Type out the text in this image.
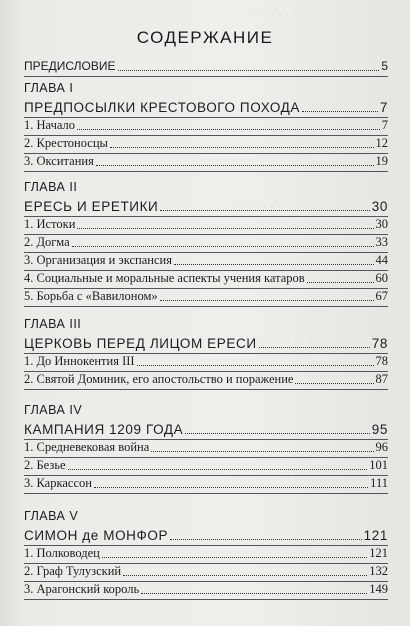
· · · · · · · · ·
· · · · · · · · · · ·
· · · · · · · · · · · ·
· · · · · · · · · ·
· · · · · · · · · · ·
СОДЕРЖАНИЕ
ПРЕДИСЛОВИЕ	5
ГЛАВА I
ПРЕДПОСЫЛКИ КРЕСТОВОГО ПОХОДА	7
1. Начало	7
2. Крестоносцы	12
3. Окситания	19
ГЛАВА II
ЕРЕСЬ И ЕРЕТИКИ	30
1. Истоки	30
2. Догма	33
3. Организация и экспансия	44
4. Социальные и моральные аспекты учения катаров	60
5. Борьба с «Вавилоном»	67
ГЛАВА III
ЦЕРКОВЬ ПЕРЕД ЛИЦОМ ЕРЕСИ	78
1. До Иннокентия III	78
2. Святой Доминик, его апостольство и поражение	87
ГЛАВА IV
КАМПАНИЯ 1209 ГОДА	95
1. Средневековая война	96
2. Безье	101
3. Каркассон	111
ГЛАВА V
СИМОН де МОНФОР	121
1. Полководец	121
2. Граф Тулузский	132
3. Арагонский король	149
